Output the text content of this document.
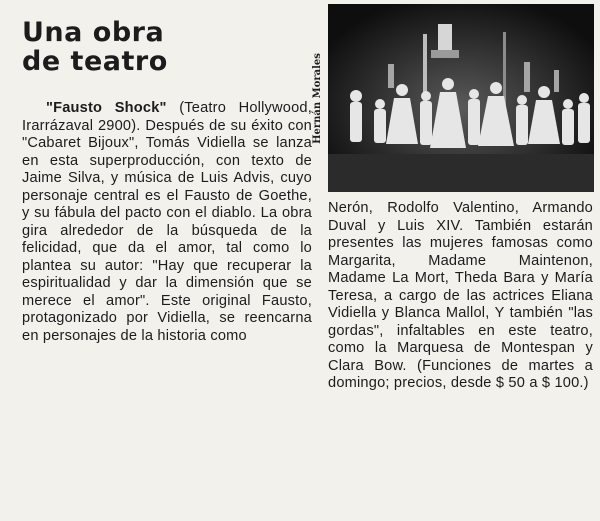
Una obra
de teatro	Hernán Morales
"Fausto Shock" (Teatro Hollywood, Irarrázaval 2900). Después de su éxito con "Cabaret Bijoux", Tomás Vidiella se lanza en esta superproducción, con texto de Jaime Silva, y música de Luis Advis, cuyo personaje central es el Fausto de Goethe, y su fábula del pacto con el diablo. La obra gira alrededor de la búsqueda de la felicidad, que da el amor, tal como lo plantea su autor: "Hay que recuperar la espiritualidad y dar la dimensión que se merece el amor". Este original Fausto, protagonizado por Vidiella, se reencarna en personajes de la historia como
Nerón, Rodolfo Valentino, Armando Duval y Luis XIV. También estarán presentes las mujeres famosas como Margarita, Madame Maintenon, Madame La Mort, Theda Bara y María Teresa, a cargo de las actrices Eliana Vidiella y Blanca Mallol, Y también "las gordas", infaltables en este teatro, como la Marquesa de Montespan y Clara Bow. (Funciones de martes a domingo; precios, desde $ 50 a $ 100.)
